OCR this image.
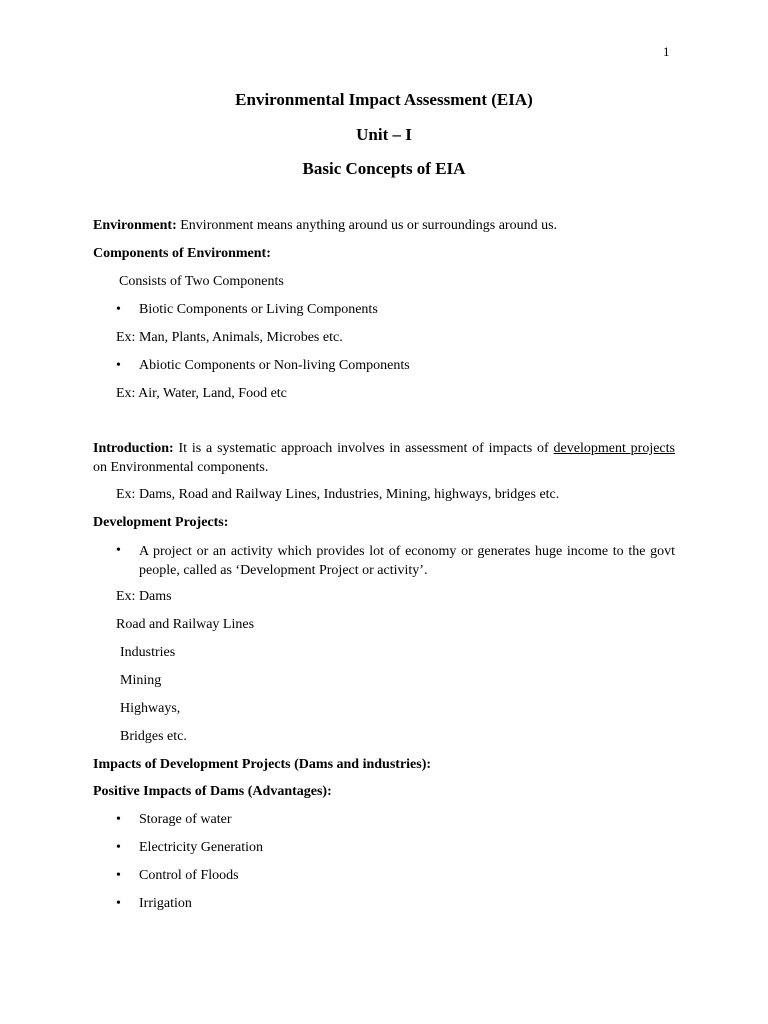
1
Environmental Impact Assessment (EIA)
Unit – I
Basic Concepts of EIA
Environment: Environment means anything around us or surroundings around us.
Components of Environment:
Consists of Two Components
• Biotic Components or Living Components
Ex: Man, Plants, Animals, Microbes etc.
• Abiotic Components or Non-living Components
Ex: Air, Water, Land, Food etc
Introduction: It is a systematic approach involves in assessment of impacts of development projects on Environmental components.
Ex: Dams, Road and Railway Lines, Industries, Mining, highways, bridges etc.
Development Projects:
• A project or an activity which provides lot of economy or generates huge income to the govt people, called as ‘Development Project or activity’.
Ex: Dams
Road and Railway Lines
Industries
Mining
Highways,
Bridges etc.
Impacts of Development Projects (Dams and industries):
Positive Impacts of Dams (Advantages):
• Storage of water
• Electricity Generation
• Control of Floods
• Irrigation
